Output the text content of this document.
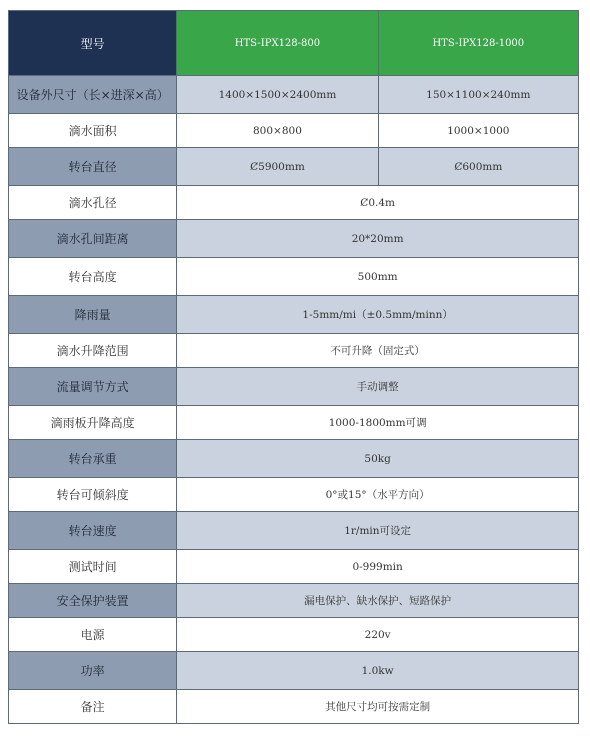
型号	HTS-IPX128-800	HTS-IPX128-1000
设备外尺寸（长×进深×高）	1400×1500×2400mm	150×1100×240mm
滴水面积	800×800	1000×1000
转台直径	Ȼ5900mm	Ȼ600mm
滴水孔径	Ȼ0.4m	
滴水孔间距离	20*20mm	
转台高度	500mm	
降雨量	1-5mm/mi（±0.5mm/minn）	
滴水升降范围	不可升降（固定式）	
流量调节方式	手动调整	
滴雨板升降高度	1000-1800mm可调	
转台承重	50kg	
转台可倾斜度	0°或15°（水平方向）	
转台速度	1r/min可设定	
测试时间	0-999min	
安全保护装置	漏电保护、缺水保护、短路保护	
电源	220v	
功率	1.0kw	
备注	其他尺寸均可按需定制	
